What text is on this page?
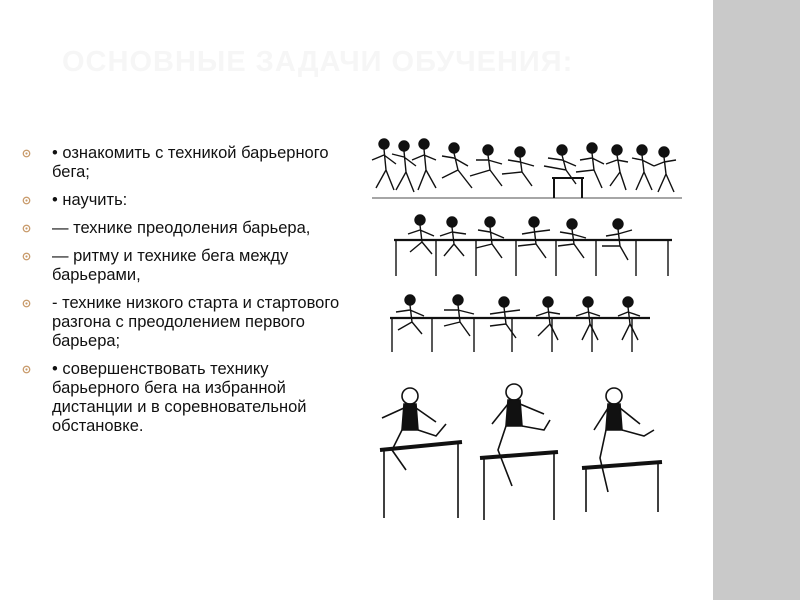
ОСНОВНЫЕ ЗАДАЧИ ОБУЧЕНИЯ:
• ознакомить с техникой барьерного бега;
• научить:
— технике преодоления барьера,
— ритму и технике бега между барьерами,
- технике низкого старта и стартового разгона с преодолением первого барьера;
• совершенствовать технику барьерного бега на избранной дистанции и в соревновательной обстановке.
